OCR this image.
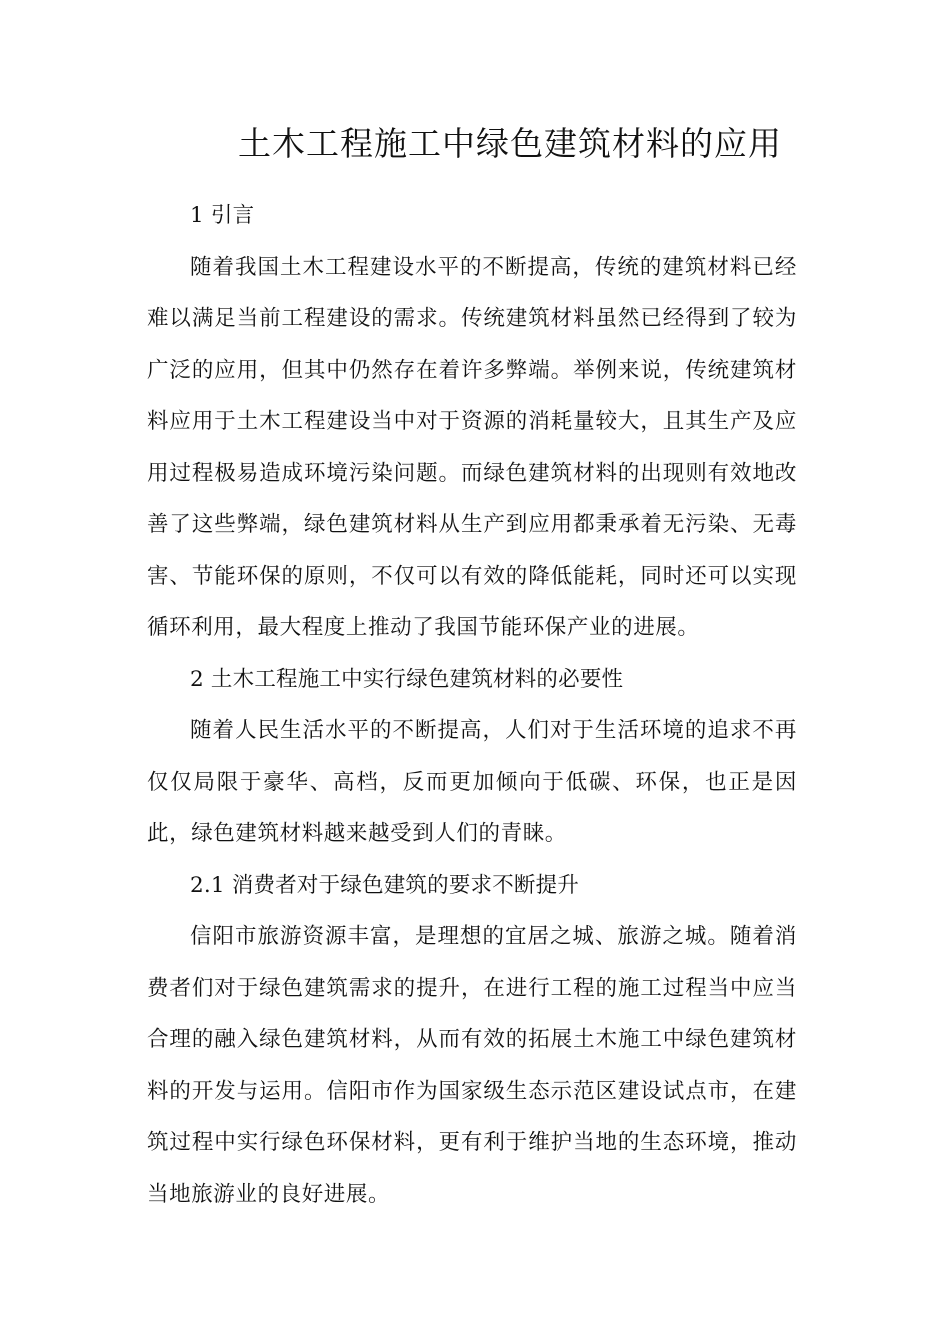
土木工程施工中绿色建筑材料的应用

1 引言

随着我国土木工程建设水平的不断提高，传统的建筑材料已经难以满足当前工程建设的需求。传统建筑材料虽然已经得到了较为广泛的应用，但其中仍然存在着许多弊端。举例来说，传统建筑材料应用于土木工程建设当中对于资源的消耗量较大，且其生产及应用过程极易造成环境污染问题。而绿色建筑材料的出现则有效地改善了这些弊端，绿色建筑材料从生产到应用都秉承着无污染、无毒害、节能环保的原则，不仅可以有效的降低能耗，同时还可以实现循环利用，最大程度上推动了我国节能环保产业的进展。

2 土木工程施工中实行绿色建筑材料的必要性

随着人民生活水平的不断提高，人们对于生活环境的追求不再仅仅局限于豪华、高档，反而更加倾向于低碳、环保，也正是因此，绿色建筑材料越来越受到人们的青睐。

2.1 消费者对于绿色建筑的要求不断提升

信阳市旅游资源丰富，是理想的宜居之城、旅游之城。随着消费者们对于绿色建筑需求的提升，在进行工程的施工过程当中应当合理的融入绿色建筑材料，从而有效的拓展土木施工中绿色建筑材料的开发与运用。信阳市作为国家级生态示范区建设试点市，在建筑过程中实行绿色环保材料，更有利于维护当地的生态环境，推动当地旅游业的良好进展。
